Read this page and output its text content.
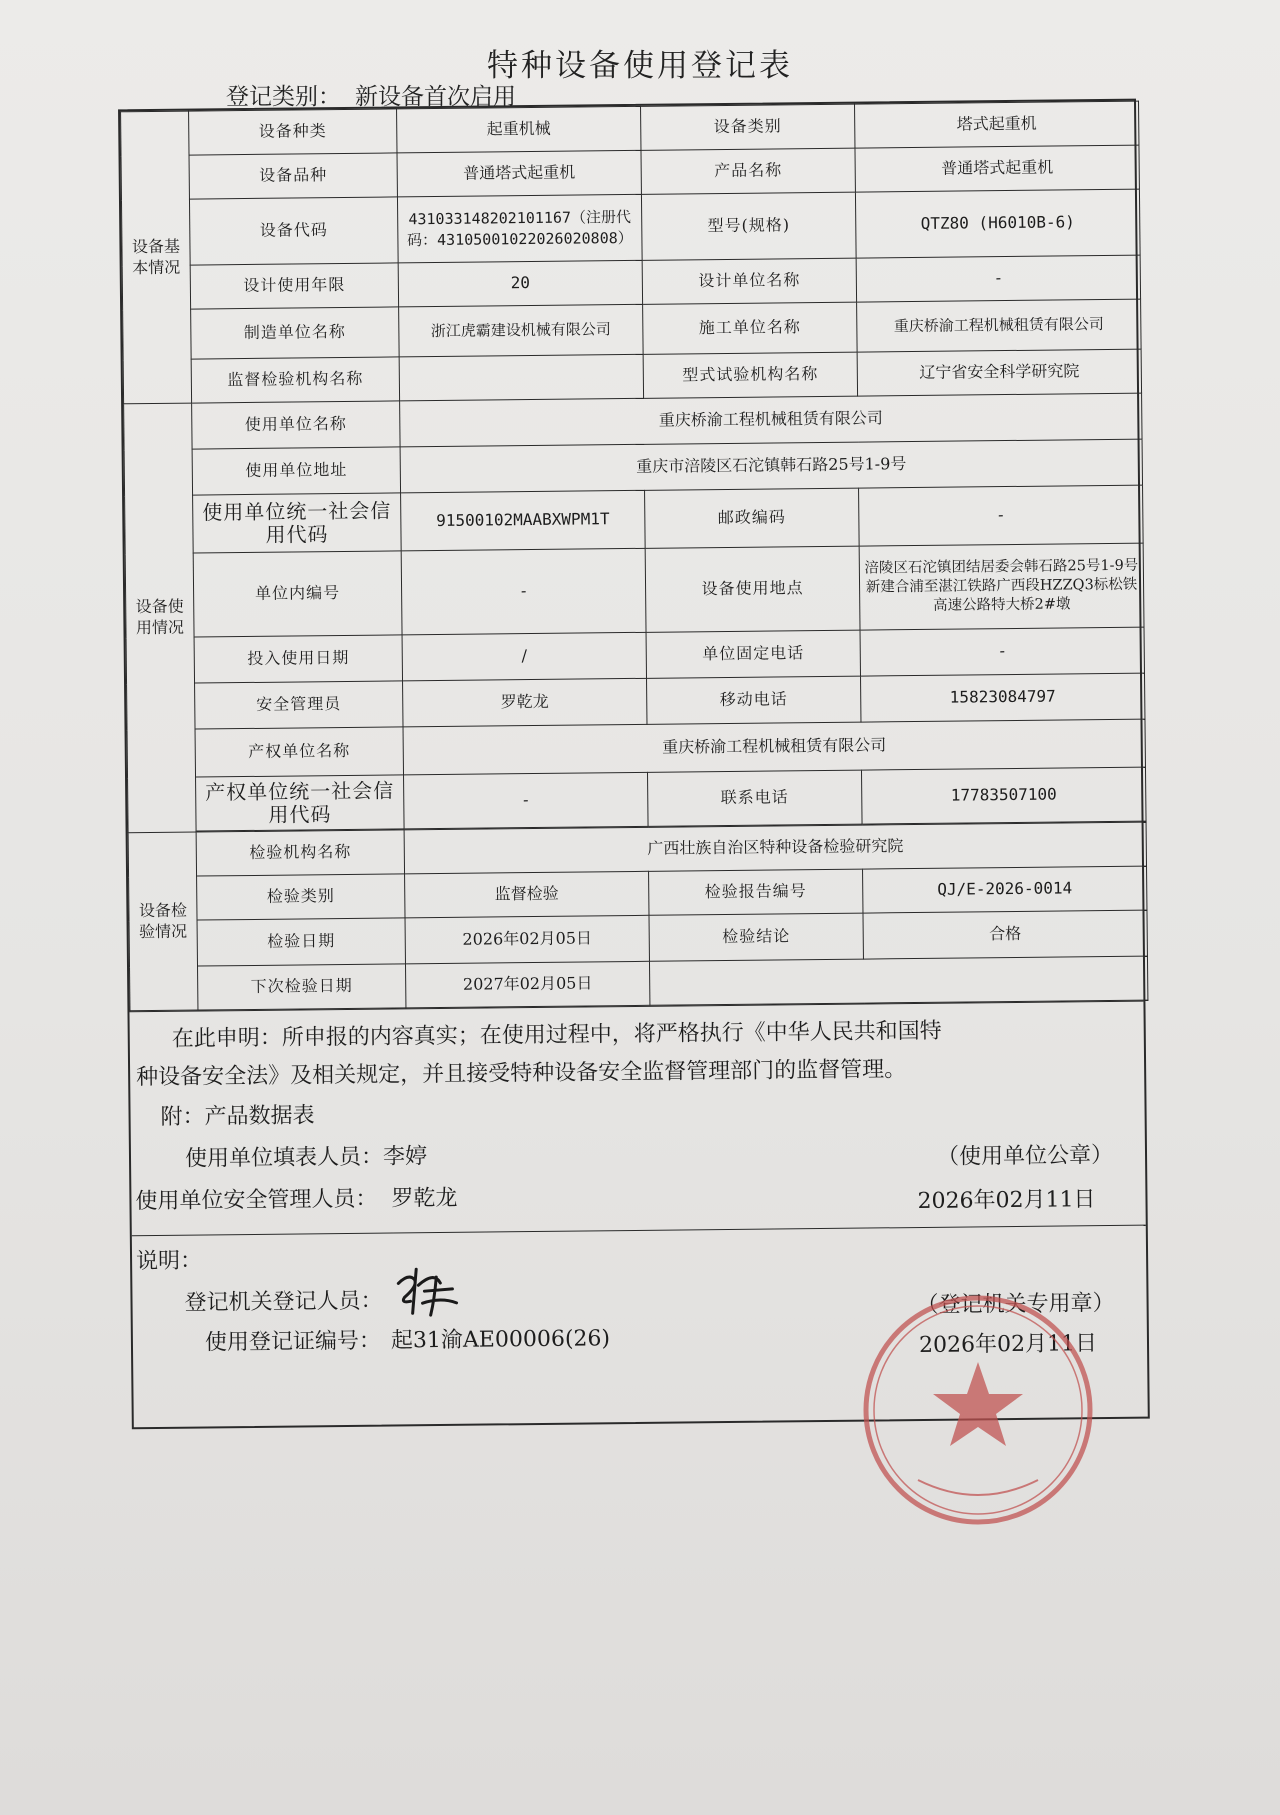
特种设备使用登记表
登记类别： 新设备首次启用
设备基本情况	设备种类	起重机械	设备类别	塔式起重机
	设备品种	普通塔式起重机	产品名称	普通塔式起重机
	设备代码	431033148202101167（注册代码：43105001022026020808）	型号(规格)	QTZ80 (H6010B-6)
	设计使用年限	20	设计单位名称	-
	制造单位名称	浙江虎霸建设机械有限公司	施工单位名称	重庆桥渝工程机械租赁有限公司
	监督检验机构名称		型式试验机构名称	辽宁省安全科学研究院
设备使用情况	使用单位名称	重庆桥渝工程机械租赁有限公司		
	使用单位地址	重庆市涪陵区石沱镇韩石路25号1-9号		
	使用单位统一社会信用代码	91500102MAABXWPM1T	邮政编码	-
	单位内编号	-	设备使用地点	涪陵区石沱镇团结居委会韩石路25号1-9号新建合浦至湛江铁路广西段HZZQ3标松铁高速公路特大桥2#墩
	投入使用日期	/	单位固定电话	-
	安全管理员	罗乾龙	移动电话	15823084797
	产权单位名称	重庆桥渝工程机械租赁有限公司		
	产权单位统一社会信用代码	-	联系电话	17783507100

设备检验情况	检验机构名称	广西壮族自治区特种设备检验研究院		
	检验类别	监督检验	检验报告编号	QJ/E-2026-0014
	检验日期	2026年02月05日	检验结论	合格
	下次检验日期	2027年02月05日		

在此申明：所申报的内容真实；在使用过程中，将严格执行《中华人民共和国特

种设备安全法》及相关规定，并且接受特种设备安全监督管理部门的监督管理。

附：产品数据表

使用单位填表人员：李婷	（使用单位公章）

使用单位安全管理人员： 罗乾龙	2026年02月11日

说明：

登记机关登记人员：

使用登记证编号： 起31渝AE00006(26)

（登记机关专用章）

2026年02月11日
